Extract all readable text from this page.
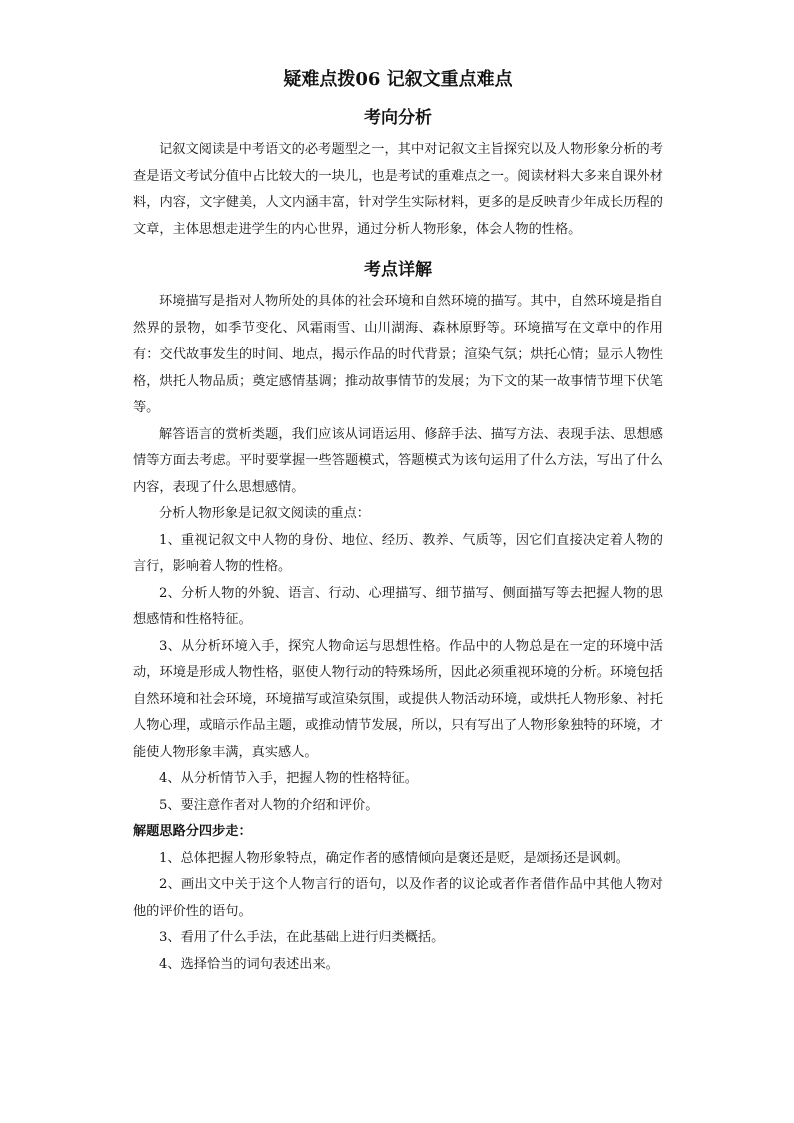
疑难点拨06 记叙文重点难点
考向分析

记叙文阅读是中考语文的必考题型之一，其中对记叙文主旨探究以及人物形象分析的考查是语文考试分值中占比较大的一块儿，也是考试的重难点之一。阅读材料大多来自课外材料，内容，文字健美，人文内涵丰富，针对学生实际材料，更多的是反映青少年成长历程的文章，主体思想走进学生的内心世界，通过分析人物形象，体会人物的性格。

考点详解

环境描写是指对人物所处的具体的社会环境和自然环境的描写。其中，自然环境是指自然界的景物，如季节变化、风霜雨雪、山川湖海、森林原野等。环境描写在文章中的作用有：交代故事发生的时间、地点，揭示作品的时代背景；渲染气氛；烘托心情；显示人物性格，烘托人物品质；奠定感情基调；推动故事情节的发展；为下文的某一故事情节埋下伏笔等。

解答语言的赏析类题，我们应该从词语运用、修辞手法、描写方法、表现手法、思想感情等方面去考虑。平时要掌握一些答题模式，答题模式为该句运用了什么方法，写出了什么内容，表现了什么思想感情。

分析人物形象是记叙文阅读的重点：

1、重视记叙文中人物的身份、地位、经历、教养、气质等，因它们直接决定着人物的言行，影响着人物的性格。

2、分析人物的外貌、语言、行动、心理描写、细节描写、侧面描写等去把握人物的思想感情和性格特征。

3、从分析环境入手，探究人物命运与思想性格。作品中的人物总是在一定的环境中活动，环境是形成人物性格，驱使人物行动的特殊场所，因此必须重视环境的分析。环境包括自然环境和社会环境，环境描写或渲染氛围，或提供人物活动环境，或烘托人物形象、衬托人物心理，或暗示作品主题，或推动情节发展，所以，只有写出了人物形象独特的环境，才能使人物形象丰满，真实感人。

4、从分析情节入手，把握人物的性格特征。

5、要注意作者对人物的介绍和评价。

解题思路分四步走：

1、总体把握人物形象特点，确定作者的感情倾向是褒还是贬，是颂扬还是讽刺。

2、画出文中关于这个人物言行的语句，以及作者的议论或者作者借作品中其他人物对他的评价性的语句。

3、看用了什么手法，在此基础上进行归类概括。

4、选择恰当的词句表述出来。
